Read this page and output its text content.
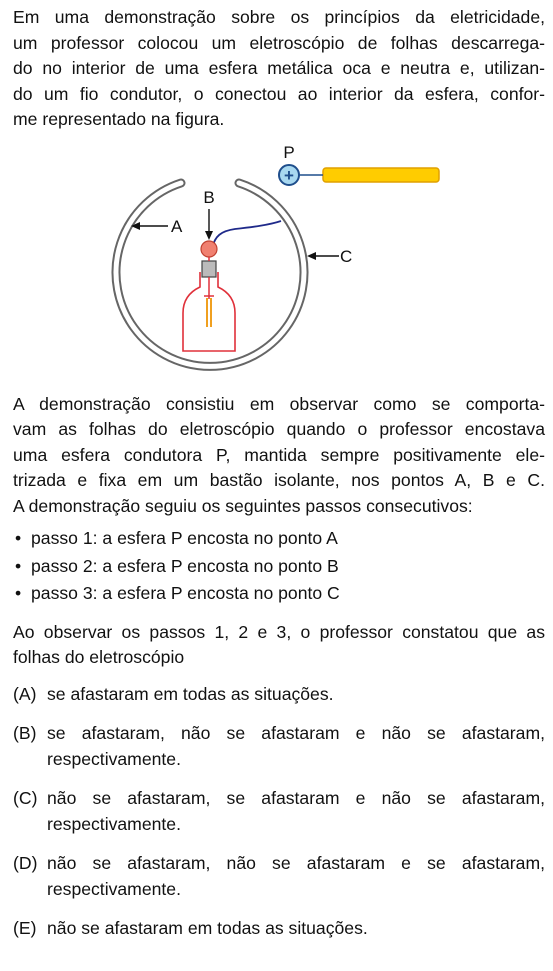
Em uma demonstração sobre os princípios da eletricidade,

um professor colocou um eletroscópio de folhas descarrega-

do no interior de uma esfera metálica oca e neutra e, utilizan-

do um fio condutor, o conectou ao interior da esfera, confor-

me representado na figura.

+
P
B
A
C

A demonstração consistiu em observar como se comporta-

vam as folhas do eletroscópio quando o professor encostava

uma esfera condutora P, mantida sempre positivamente ele-

trizada e fixa em um bastão isolante, nos pontos A, B e C.

A demonstração seguiu os seguintes passos consecutivos:

• passo 1: a esfera P encosta no ponto A
• passo 2: a esfera P encosta no ponto B
• passo 3: a esfera P encosta no ponto C

Ao observar os passos 1, 2 e 3, o professor constatou que as

folhas do eletroscópio

(A) se afastaram em todas as situações.
(B) se afastaram, não se afastaram e não se afastaram,
respectivamente.
(C) não se afastaram, se afastaram e não se afastaram,
respectivamente.
(D) não se afastaram, não se afastaram e se afastaram,
respectivamente.
(E) não se afastaram em todas as situações.
